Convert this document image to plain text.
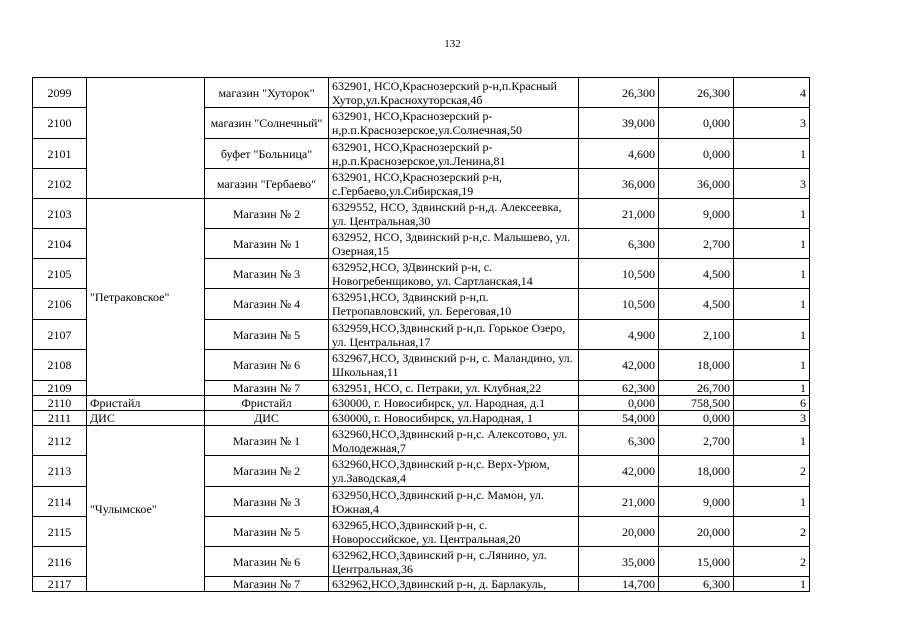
132
2099		магазин "Хуторок"	632901, НСО,Краснозерский р-н,п.Красный Хутор,ул.Краснохуторская,4б	26,300	26,300	4
2100		магазин "Солнечный"	632901, НСО,Краснозерский р-н,р.п.Краснозерское,ул.Солнечная,50	39,000	0,000	3
2101		буфет "Больница"	632901, НСО,Краснозерский р-н,р.п.Краснозерское,ул.Ленина,81	4,600	0,000	1
2102		магазин "Гербаево"	632901, НСО,Краснозерский р-н, с.Гербаево,ул.Сибирская,19	36,000	36,000	3
2103	"Петраковское"	Магазин № 2	6329552, НСО, Здвинский р-н,д. Алексеевка, ул. Центральная,30	21,000	9,000	1
2104		Магазин № 1	632952, НСО, Здвинский р-н,с. Малышево, ул. Озерная,15	6,300	2,700	1
2105		Магазин № 3	632952,НСО, ЗДвинский р-н, с. Новогребенщиково, ул. Сартланская,14	10,500	4,500	1
2106		Магазин № 4	632951,НСО, Здвинский р-н,п. Петропавловский, ул. Береговая,10	10,500	4,500	1
2107		Магазин № 5	632959,НСО,Здвинский р-н,п. Горькое Озеро, ул. Центральная,17	4,900	2,100	1
2108		Магазин № 6	632967,НСО, Здвинский р-н, с. Маландино, ул. Школьная,11	42,000	18,000	1
2109		Магазин № 7	632951, НСО, с. Петраки, ул. Клубная,22	62,300	26,700	1
2110	Фристайл	Фристайл	630000, г. Новосибирск, ул. Народная, д.1	0,000	758,500	6
2111	ДИС	ДИС	630000, г. Новосибирск, ул.Народная, 1	54,000	0,000	3
2112	"Чулымское"	Магазин № 1	632960,НСО,Здвинский р-н,с. Алексотово, ул. Молодежная,7	6,300	2,700	1
2113		Магазин № 2	632960,НСО,Здвинский р-н,с. Верх-Урюм, ул.Заводская,4	42,000	18,000	2
2114		Магазин № 3	632950,НСО,Здвинский р-н,с. Мамон, ул. Южная,4	21,000	9,000	1
2115		Магазин № 5	632965,НСО,Здвинский р-н, с. Новороссийское, ул. Центральная,20	20,000	20,000	2
2116		Магазин № 6	632962,НСО,Здвинский р-н, с.Лянино, ул. Центральная,36	35,000	15,000	2
2117		Магазин № 7	632962,НСО,Здвинский р-н, д. Барлакуль,	14,700	6,300	1
